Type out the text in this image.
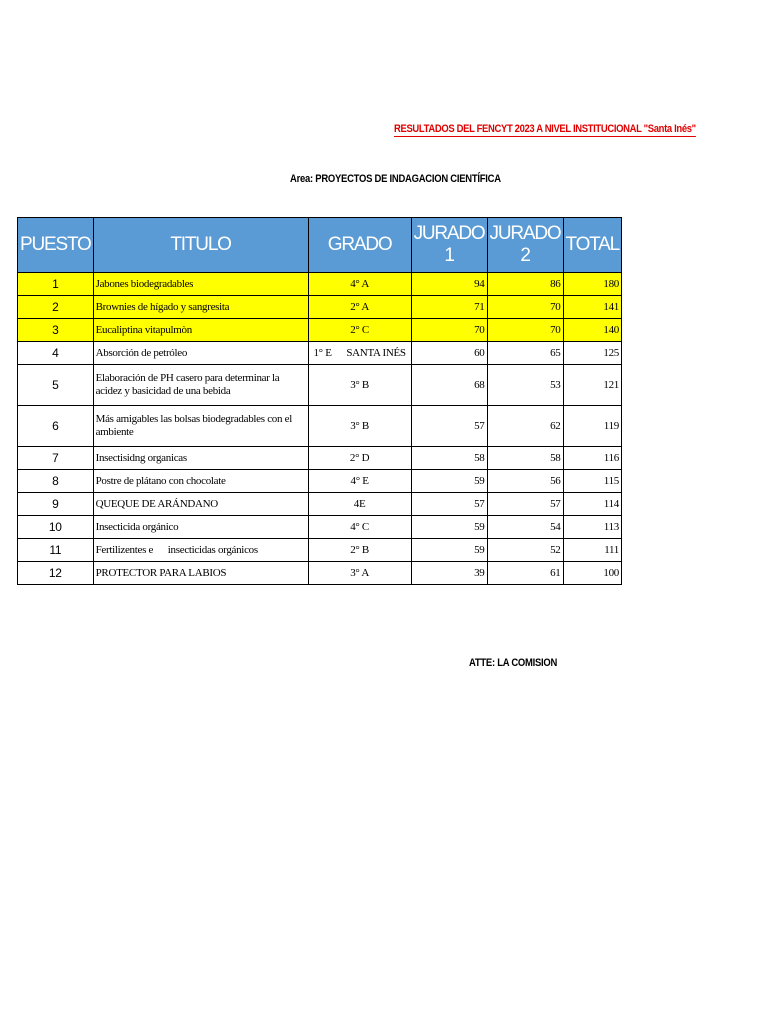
RESULTADOS DEL FENCYT 2023 A NIVEL INSTITUCIONAL "Santa Inés"
Area: PROYECTOS DE INDAGACION CIENTÍFICA
PUESTO	TITULO	GRADO	JURADO 1	JURADO 2	TOTAL
1	Jabones biodegradables	4° A	94	86	180
2	Brownies de hígado y sangresita	2° A	71	70	141
3	Eucaliptina vitapulmòn	2° C	70	70	140
4	Absorción de petróleo	1° E      SANTA INÉS	60	65	125
5	Elaboración de PH casero para determinar la acidez y basicidad de una bebida	3° B	68	53	121
6	Más amigables las bolsas biodegradables con el ambiente	3° B	57	62	119
7	Insectisidng organicas	2° D	58	58	116
8	Postre de plátano con chocolate	4° E	59	56	115
9	QUEQUE DE ARÁNDANO	4E	57	57	114
10	Insecticida orgánico	4° C	59	54	113
11	Fertilizentes e      insecticidas orgánicos	2° B	59	52	111
12	PROTECTOR PARA LABIOS	3° A	39	61	100
ATTE: LA COMISION
